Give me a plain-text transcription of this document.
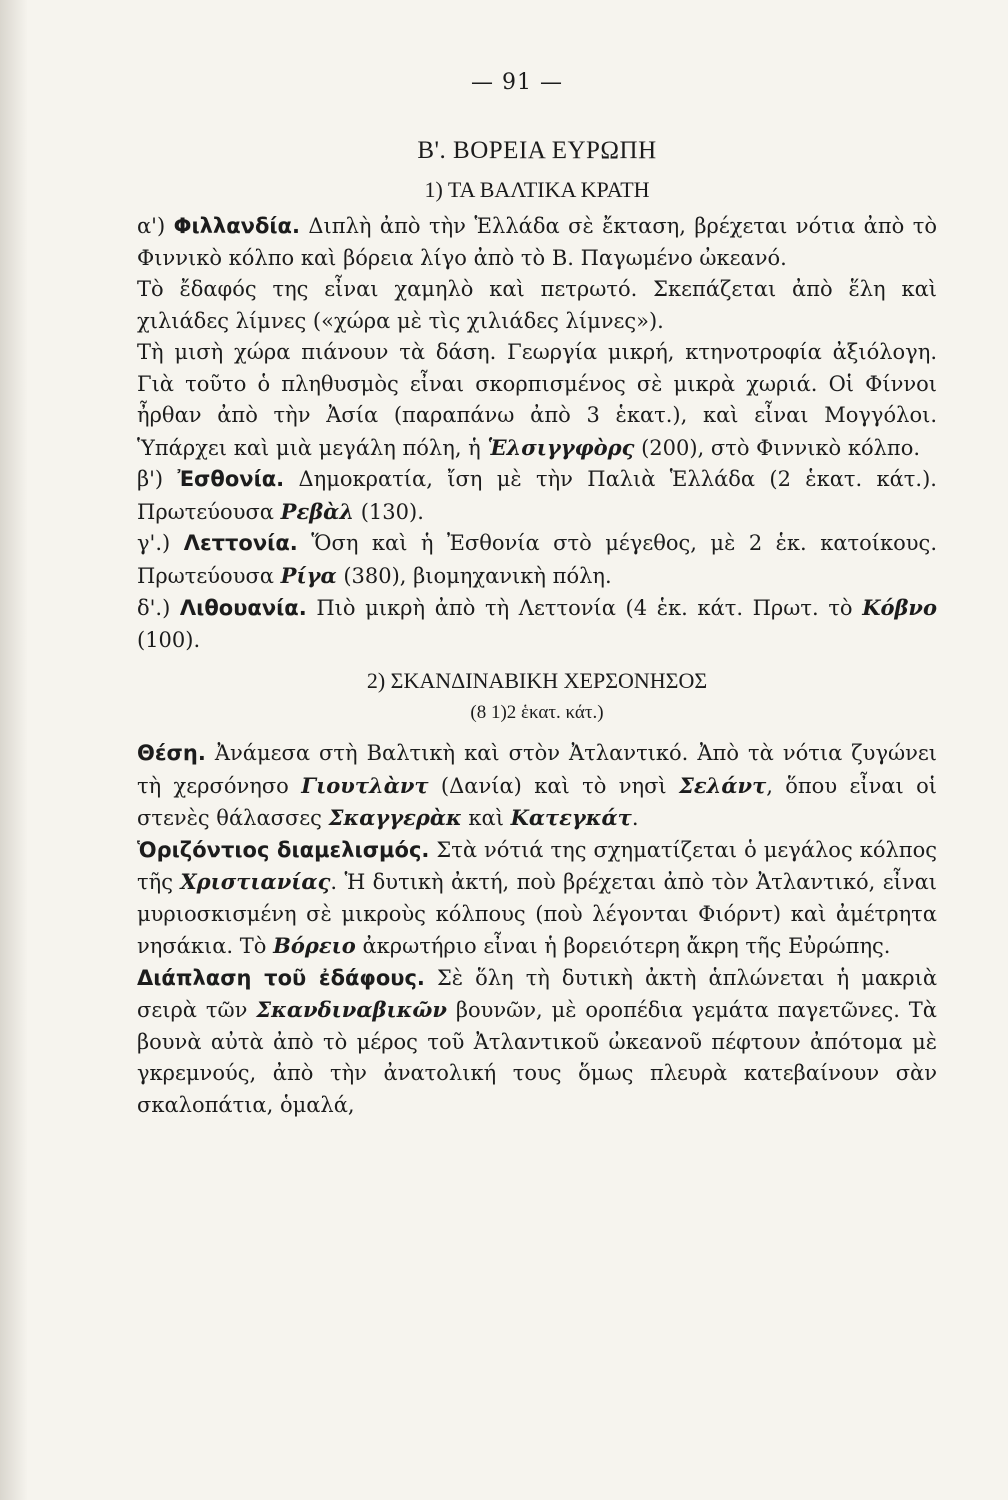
— 91 —
Β'. ΒΟΡΕΙΑ ΕΥΡΩΠΗ
1) ΤΑ ΒΑΛΤΙΚΑ ΚΡΑΤΗ

α') Φιλλανδία. Διπλὴ ἀπὸ τὴν Ἑλλάδα σὲ ἔκταση, βρέχεται νότια ἀπὸ τὸ Φιννικὸ κόλπο καὶ βόρεια λίγο ἀπὸ τὸ Β. Παγωμένο ὠκεανό.

Τὸ ἔδαφός της εἶναι χαμηλὸ καὶ πετρωτό. Σκεπάζεται ἀπὸ ἕλη καὶ χιλιάδες λίμνες («χώρα μὲ τὶς χιλιάδες λίμνες»).

Τὴ μισὴ χώρα πιάνουν τὰ δάση. Γεωργία μικρή, κτηνοτροφία ἀξιόλογη. Γιὰ τοῦτο ὁ πληθυσμὸς εἶναι σκορπισμένος σὲ μικρὰ χωριά. Οἱ Φίννοι ἦρθαν ἀπὸ τὴν Ἀσία (παραπάνω ἀπὸ 3 ἑκατ.), καὶ εἶναι Μογγόλοι. Ὑπάρχει καὶ μιὰ μεγάλη πόλη, ἡ Ἑλσιγγφὸρς (200), στὸ Φιννικὸ κόλπο.

β') Ἐσθονία. Δημοκρατία, ἴση μὲ τὴν Παλιὰ Ἑλλάδα (2 ἑκατ. κάτ.). Πρωτεύουσα Ρεβὰλ (130).

γ'.) Λεττονία. Ὅση καὶ ἡ Ἐσθονία στὸ μέγεθος, μὲ 2 ἑκ. κατοίκους. Πρωτεύουσα Ρίγα (380), βιομηχανικὴ πόλη.

δ'.) Λιθουανία. Πιὸ μικρὴ ἀπὸ τὴ Λεττονία (4 ἑκ. κάτ. Πρωτ. τὸ Κόβνο (100).

2) ΣΚΑΝΔΙΝΑΒΙΚΗ ΧΕΡΣΟΝΗΣΟΣ
(8 1)2 ἑκατ. κάτ.)

Θέση. Ἀνάμεσα στὴ Βαλτικὴ καὶ στὸν Ἀτλαντικό. Ἀπὸ τὰ νότια ζυγώνει τὴ χερσόνησο Γιουτλὰντ (Δανία) καὶ τὸ νησὶ Σελάντ, ὅπου εἶναι οἱ στενὲς θάλασσες Σκαγγερὰκ καὶ Κατεγκάτ.

Ὁριζόντιος διαμελισμός. Στὰ νότιά της σχηματίζεται ὁ μεγάλος κόλπος τῆς Χριστιανίας. Ἡ δυτικὴ ἀκτή, ποὺ βρέχεται ἀπὸ τὸν Ἀτλαντικό, εἶναι μυριοσκισμένη σὲ μικροὺς κόλπους (ποὺ λέγονται Φιόρντ) καὶ ἀμέτρητα νησάκια. Τὸ Βόρειο ἀκρωτήριο εἶναι ἡ βορειότερη ἄκρη τῆς Εὐρώπης.

Διάπλαση τοῦ ἐδάφους. Σὲ ὅλη τὴ δυτικὴ ἀκτὴ ἁπλώνεται ἡ μακριὰ σειρὰ τῶν Σκανδιναβικῶν βουνῶν, μὲ οροπέδια γεμάτα παγετῶνες. Τὰ βουνὰ αὐτὰ ἀπὸ τὸ μέρος τοῦ Ἀτλαντικοῦ ὠκεανοῦ πέφτουν ἀπότομα μὲ γκρεμνούς, ἀπὸ τὴν ἀνατολική τους ὅμως πλευρὰ κατεβαίνουν σὰν σκαλοπάτια, ὁμαλά,
